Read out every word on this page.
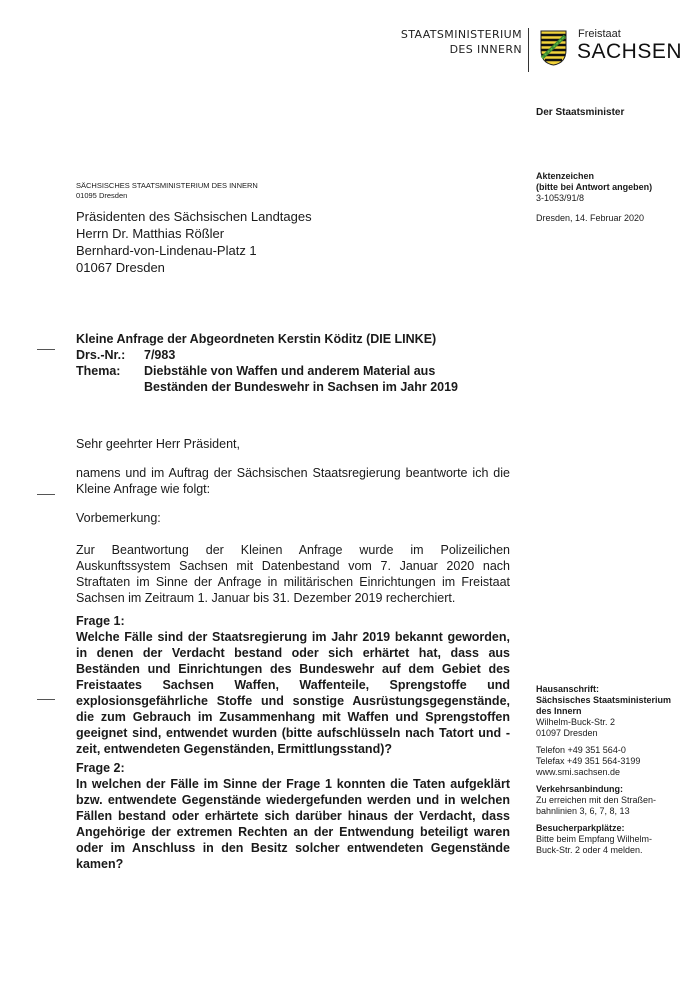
STAATSMINISTERIUM
DES INNERN
Freistaat
SACHSEN
Der Staatsminister
Aktenzeichen
(bitte bei Antwort angeben)
3-1053/91/8
Dresden, 14. Februar 2020
Hausanschrift:
Sächsisches Staatsministerium
des Innern
Wilhelm-Buck-Str. 2
01097 Dresden
Telefon +49 351 564-0
Telefax +49 351 564-3199
www.smi.sachsen.de
Verkehrsanbindung:
Zu erreichen mit den Straßen-
bahnlinien 3, 6, 7, 8, 13
Besucherparkplätze:
Bitte beim Empfang Wilhelm-
Buck-Str. 2 oder 4 melden.
SÄCHSISCHES STAATSMINISTERIUM DES INNERN
01095 Dresden
Präsidenten des Sächsischen Landtages
Herrn Dr. Matthias Rößler
Bernhard-von-Lindenau-Platz 1
01067 Dresden
Kleine Anfrage der Abgeordneten Kerstin Köditz (DIE LINKE)
Drs.-Nr.:	7/983
Thema:	Diebstähle von Waffen und anderem Material aus Beständen der Bundeswehr in Sachsen im Jahr 2019

Sehr geehrter Herr Präsident,

namens und im Auftrag der Sächsischen Staatsregierung beantworte ich die Kleine Anfrage wie folgt:

Vorbemerkung:

Zur Beantwortung der Kleinen Anfrage wurde im Polizeilichen Auskunftssystem Sachsen mit Datenbestand vom 7. Januar 2020 nach Straftaten im Sinne der Anfrage in militärischen Einrichtungen im Freistaat Sachsen im Zeitraum 1. Januar bis 31. Dezember 2019 recherchiert.

Frage 1:

Welche Fälle sind der Staatsregierung im Jahr 2019 bekannt geworden, in denen der Verdacht bestand oder sich erhärtet hat, dass aus Beständen und Einrichtungen des Bundeswehr auf dem Gebiet des Freistaates Sachsen Waffen, Waffenteile, Sprengstoffe und explosionsgefährliche Stoffe und sonstige Ausrüstungsgegenstände, die zum Gebrauch im Zusammenhang mit Waffen und Sprengstoffen geeignet sind, entwendet wurden (bitte aufschlüsseln nach Tatort und -zeit, entwendeten Gegenständen, Ermittlungsstand)?

Frage 2:

In welchen der Fälle im Sinne der Frage 1 konnten die Taten aufgeklärt bzw. entwendete Gegenstände wiedergefunden werden und in welchen Fällen bestand oder erhärtete sich darüber hinaus der Verdacht, dass Angehörige der extremen Rechten an der Entwendung beteiligt waren oder im Anschluss in den Besitz solcher entwendeten Gegenstände kamen?
